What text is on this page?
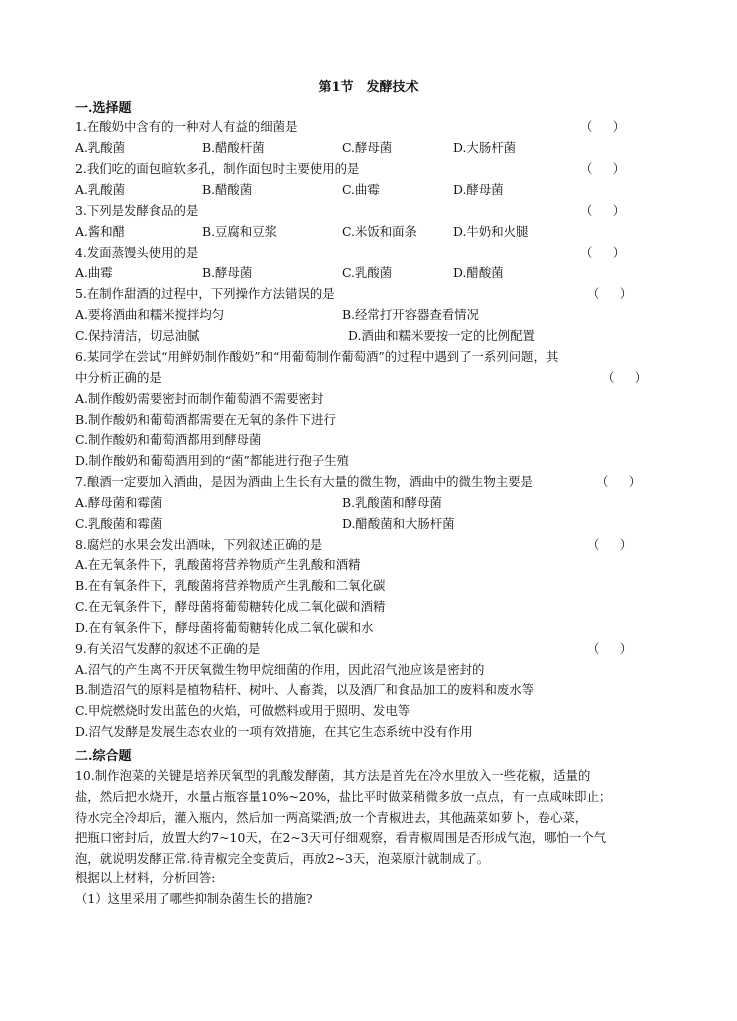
第1节　发酵技术
一.选择题
1.在酸奶中含有的一种对人有益的细菌是	（　）
A.乳酸菌	B.醋酸杆菌	C.酵母菌	D.大肠杆菌
2.我们吃的面包暄软多孔，制作面包时主要使用的是	（　）
A.乳酸菌	B.醋酸菌	C.曲霉	D.酵母菌
3.下列是发酵食品的是	（　）
A.酱和醋	B.豆腐和豆浆	C.米饭和面条	D.牛奶和火腿
4.发面蒸馒头使用的是	（　）
A.曲霉	B.酵母菌	C.乳酸菌	D.醋酸菌
5.在制作甜酒的过程中，下列操作方法错误的是	（　）
A.要将酒曲和糯米搅拌均匀	B.经常打开容器查看情况
C.保持清洁，切忌油腻	D.酒曲和糯米要按一定的比例配置
6.某同学在尝试“用鲜奶制作酸奶”和“用葡萄制作葡萄酒”的过程中遇到了一系列问题，其
中分析正确的是	（　）
A.制作酸奶需要密封而制作葡萄酒不需要密封
B.制作酸奶和葡萄酒都需要在无氧的条件下进行
C.制作酸奶和葡萄酒都用到酵母菌
D.制作酸奶和葡萄酒用到的“菌”都能进行孢子生殖
7.酿酒一定要加入酒曲，是因为酒曲上生长有大量的微生物，酒曲中的微生物主要是	（　）
A.酵母菌和霉菌	B.乳酸菌和酵母菌
C.乳酸菌和霉菌	D.醋酸菌和大肠杆菌
8.腐烂的水果会发出酒味，下列叙述正确的是	（　）
A.在无氧条件下，乳酸菌将营养物质产生乳酸和酒精
B.在有氧条件下，乳酸菌将营养物质产生乳酸和二氧化碳
C.在无氧条件下，酵母菌将葡萄糖转化成二氧化碳和酒精
D.在有氧条件下，酵母菌将葡萄糖转化成二氧化碳和水
9.有关沼气发酵的叙述不正确的是	（　）
A.沼气的产生离不开厌氧微生物甲烷细菌的作用，因此沼气池应该是密封的
B.制造沼气的原料是植物秸杆、树叶、人畜粪，以及酒厂和食品加工的废料和废水等
C.甲烷燃烧时发出蓝色的火焰，可做燃料或用于照明、发电等
D.沼气发酵是发展生态农业的一项有效措施，在其它生态系统中没有作用
二.综合题
10.制作泡菜的关键是培养厌氧型的乳酸发酵菌，其方法是首先在冷水里放入一些花椒，适量的
盐，然后把水烧开，水量占瓶容量10%~20%，盐比平时做菜稍微多放一点点，有一点咸味即止；
待水完全冷却后，灌入瓶内，然后加一两高粱酒;放一个青椒进去，其他蔬菜如萝卜，卷心菜，
把瓶口密封后，放置大约7~10天，在2~3天可仔细观察，看青椒周围是否形成气泡，哪怕一个气
泡，就说明发酵正常.待青椒完全变黄后，再放2~3天，泡菜原汁就制成了。
根据以上材料，分析回答:
（1）这里采用了哪些抑制杂菌生长的措施?
